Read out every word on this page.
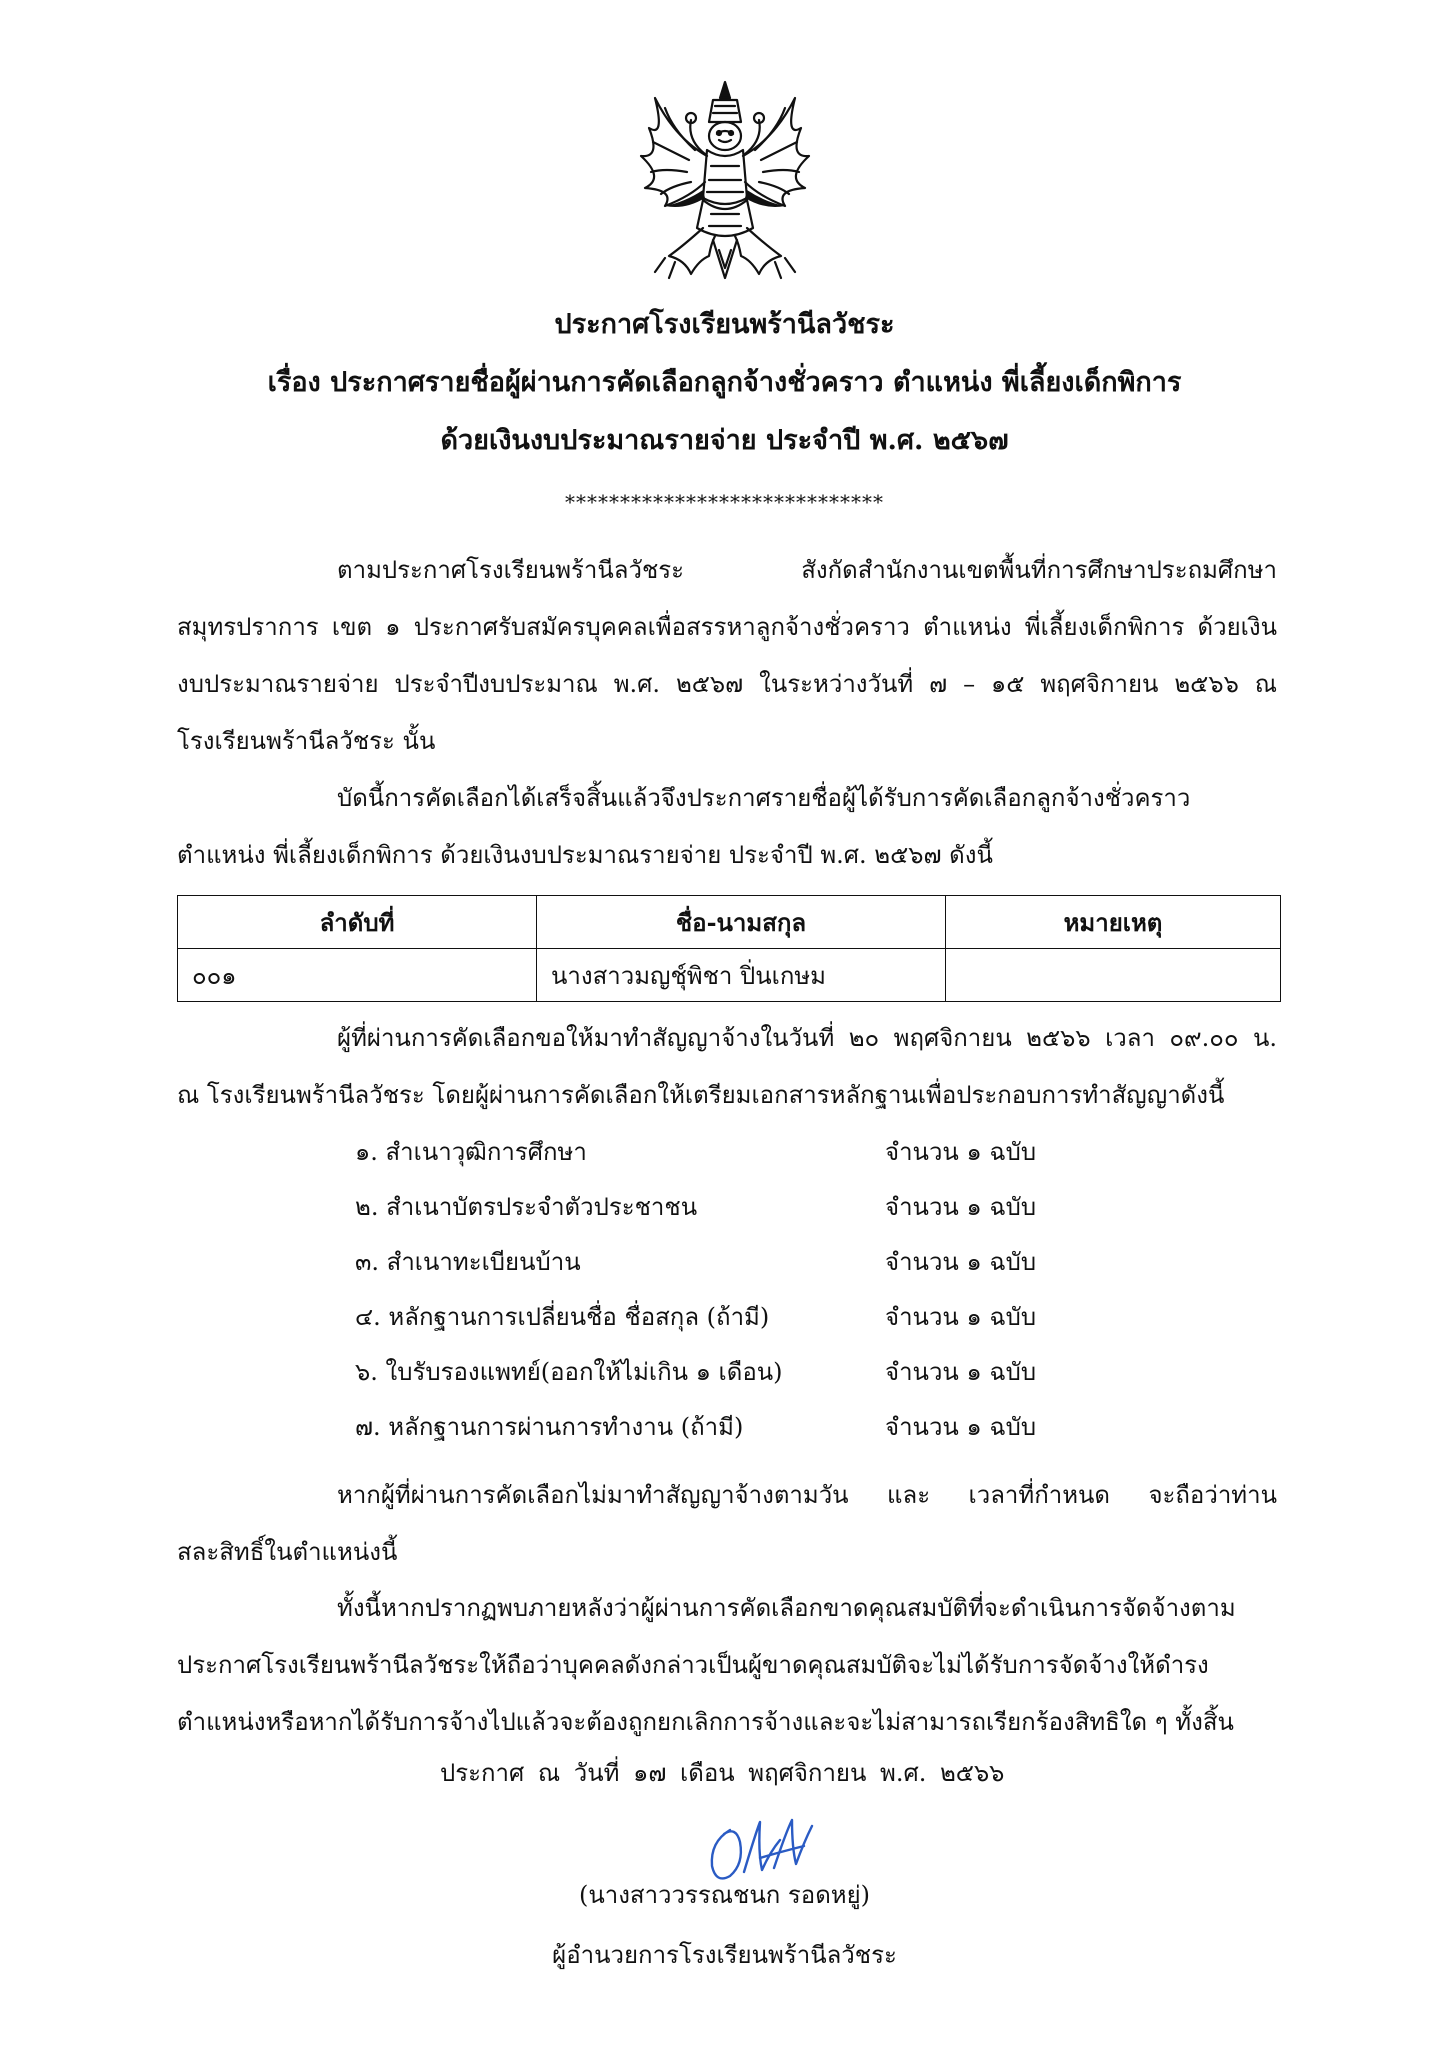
ประกาศโรงเรียนพร้านีลวัชระ
เรื่อง ประกาศรายชื่อผู้ผ่านการคัดเลือกลูกจ้างชั่วคราว ตำแหน่ง พี่เลี้ยงเด็กพิการ
ด้วยเงินงบประมาณรายจ่าย ประจำปี พ.ศ. ๒๕๖๗
*****************************
ตามประกาศโรงเรียนพร้านีลวัชระ สังกัดสำนักงานเขตพื้นที่การศึกษาประถมศึกษา
สมุทรปราการ เขต ๑ ประกาศรับสมัครบุคคลเพื่อสรรหาลูกจ้างชั่วคราว ตำแหน่ง พี่เลี้ยงเด็กพิการ ด้วยเงิน
งบประมาณรายจ่าย ประจำปีงบประมาณ พ.ศ. ๒๕๖๗ ในระหว่างวันที่ ๗ – ๑๕ พฤศจิกายน ๒๕๖๖ ณ
โรงเรียนพร้านีลวัชระ นั้น
บัดนี้การคัดเลือกได้เสร็จสิ้นแล้วจึงประกาศรายชื่อผู้ได้รับการคัดเลือกลูกจ้างชั่วคราว
ตำแหน่ง พี่เลี้ยงเด็กพิการ ด้วยเงินงบประมาณรายจ่าย ประจำปี พ.ศ. ๒๕๖๗ ดังนี้
ลำดับที่	ชื่อ-นามสกุล	หมายเหตุ
๐๐๑	นางสาวมญชุ์พิชา ปิ่นเกษม	
ผู้ที่ผ่านการคัดเลือกขอให้มาทำสัญญาจ้างในวันที่ ๒๐ พฤศจิกายน ๒๕๖๖ เวลา ๐๙.๐๐ น.
ณ โรงเรียนพร้านีลวัชระ โดยผู้ผ่านการคัดเลือกให้เตรียมเอกสารหลักฐานเพื่อประกอบการทำสัญญาดังนี้
๑. สำเนาวุฒิการศึกษา	จำนวน ๑ ฉบับ
๒. สำเนาบัตรประจำตัวประชาชน	จำนวน ๑ ฉบับ
๓. สำเนาทะเบียนบ้าน	จำนวน ๑ ฉบับ
๔. หลักฐานการเปลี่ยนชื่อ ชื่อสกุล (ถ้ามี)	จำนวน ๑ ฉบับ
๖. ใบรับรองแพทย์(ออกให้ไม่เกิน ๑ เดือน)	จำนวน ๑ ฉบับ
๗. หลักฐานการผ่านการทำงาน (ถ้ามี)	จำนวน ๑ ฉบับ
หากผู้ที่ผ่านการคัดเลือกไม่มาทำสัญญาจ้างตามวัน และ เวลาที่กำหนด จะถือว่าท่าน
สละสิทธิ์ในตำแหน่งนี้
ทั้งนี้หากปรากฏพบภายหลังว่าผู้ผ่านการคัดเลือกขาดคุณสมบัติที่จะดำเนินการจัดจ้างตาม
ประกาศโรงเรียนพร้านีลวัชระให้ถือว่าบุคคลดังกล่าวเป็นผู้ขาดคุณสมบัติจะไม่ได้รับการจัดจ้างให้ดำรง
ตำแหน่งหรือหากได้รับการจ้างไปแล้วจะต้องถูกยกเลิกการจ้างและจะไม่สามารถเรียกร้องสิทธิใด ๆ ทั้งสิ้น
ประกาศ ณ วันที่ ๑๗ เดือน พฤศจิกายน พ.ศ. ๒๕๖๖
(นางสาววรรณชนก รอดหยู่)
ผู้อำนวยการโรงเรียนพร้านีลวัชระ
